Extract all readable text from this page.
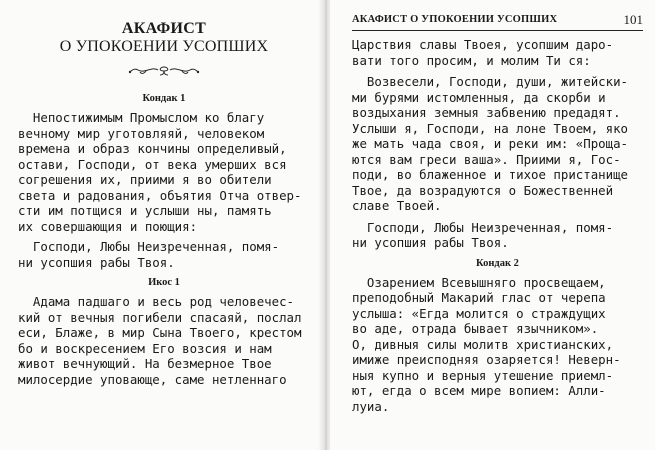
АКАФИСТ
О УПОКОЕНИИ УСОПШИХ
Кондак 1

Непостижимым Промыслом ко благу

вечному мир уготовляяй, человеком

времена и образ кончины определивый,

остави, Господи, от века умерших вся

согрешения их, приими я во обители

света и радования, объятия Отча отвер-

сти им потщися и услыши ны, память

их совершающия и поющия:

Господи, Любы Неизреченная, помя-

ни усопшия рабы Твоя.

Икос 1

Адама падшаго и весь род человечес-

кий от вечныя погибели спасаяй, послал

еси, Блаже, в мир Сына Твоего, крестом

бо и воскресением Его возсия и нам

живот вечнующий. На безмерное Твое

милосердие уповающе, саме нетленнаго

АКАФИСТ О УПОКОЕНИИ УСОПШИХ	101

Царствия славы Твоея, усопшим даро-

вати того просим, и молим Ти ся:

Возвесели, Господи, души, житейски-

ми бурями истомленныя, да скорби и

воздыхания земныя забвению предадят.

Услыши я, Господи, на лоне Твоем, яко

же мать чада своя, и реки им: «Проща-

ются вам греси ваша». Приими я, Гос-

поди, во блаженное и тихое пристанище

Твое, да возрадуются о Божественней

славе Твоей.

Господи, Любы Неизреченная, помя-

ни усопшия рабы Твоя.

Кондак 2

Озарением Всевышняго просвещаем,

преподобный Макарий глас от черепа

услыша: «Егда молится о страждущих

во аде, отрада бывает язычником».

О, дивныя силы молитв христианских,

имиже преисподняя озаряется! Неверн-

ныя купно и верныя утешение приемл-

ют, егда о всем мире вопием: Алли-

луиа.
